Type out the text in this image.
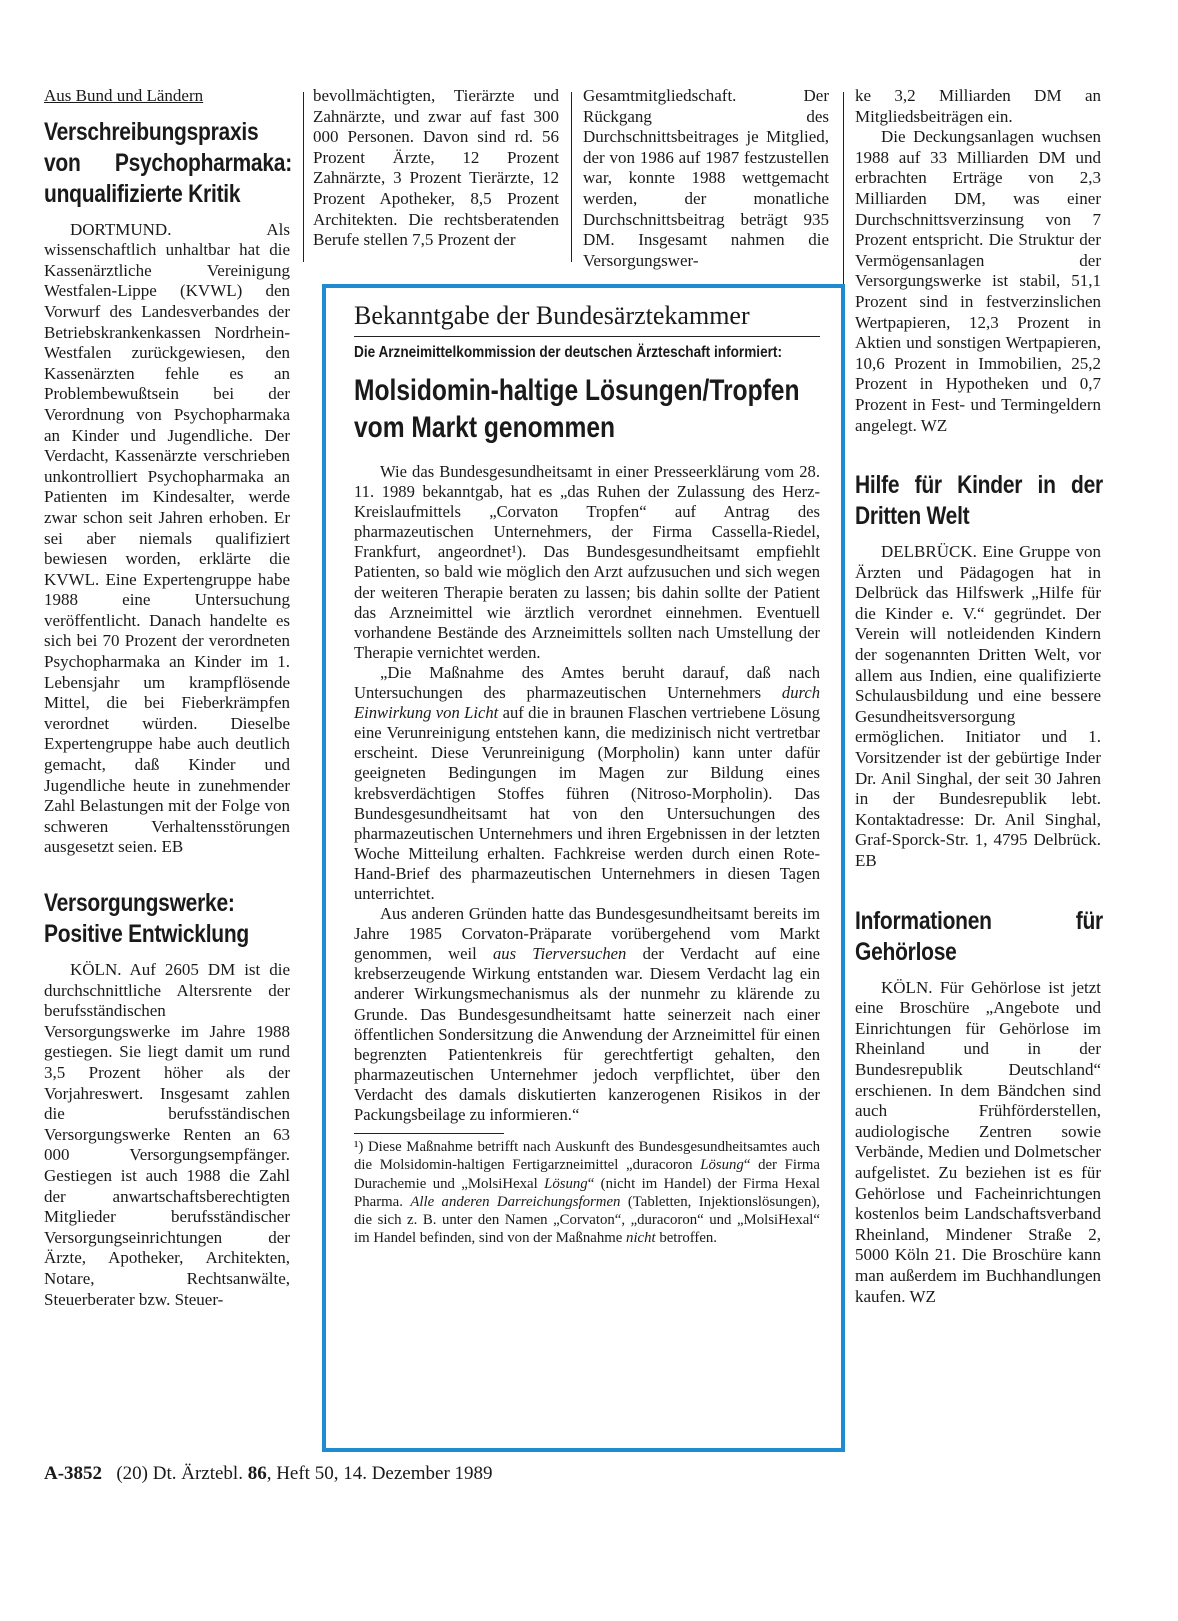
Aus Bund und Ländern
Verschreibungspraxis von Psychopharmaka: unqualifizierte Kritik

DORTMUND. Als wissenschaftlich unhaltbar hat die Kassenärztliche Vereinigung Westfalen-Lippe (KVWL) den Vorwurf des Landesverbandes der Betriebskrankenkassen Nordrhein-Westfalen zurückgewiesen, den Kassenärzten fehle es an Problembewußtsein bei der Verordnung von Psychopharmaka an Kinder und Jugendliche. Der Verdacht, Kassenärzte verschrieben unkontrolliert Psychopharmaka an Patienten im Kindesalter, werde zwar schon seit Jahren erhoben. Er sei aber niemals qualifiziert bewiesen worden, erklärte die KVWL. Eine Expertengruppe habe 1988 eine Untersuchung veröffentlicht. Danach handelte es sich bei 70 Prozent der verordneten Psychopharmaka an Kinder im 1. Lebensjahr um krampflösende Mittel, die bei Fieberkrämpfen verordnet würden. Dieselbe Expertengruppe habe auch deutlich gemacht, daß Kinder und Jugendliche heute in zunehmender Zahl Belastungen mit der Folge von schweren Verhaltensstörungen ausgesetzt seien. EB

Versorgungswerke: Positive Entwicklung

KÖLN. Auf 2605 DM ist die durchschnittliche Altersrente der berufsständischen Versorgungswerke im Jahre 1988 gestiegen. Sie liegt damit um rund 3,5 Prozent höher als der Vorjahreswert. Insgesamt zahlen die berufsständischen Versorgungswerke Renten an 63 000 Versorgungsempfänger. Gestiegen ist auch 1988 die Zahl der anwartschaftsberechtigten Mitglieder berufsständischer Versorgungseinrichtungen der Ärzte, Apotheker, Architekten, Notare, Rechtsanwälte, Steuerberater bzw. Steuer-

bevollmächtigten, Tierärzte und Zahnärzte, und zwar auf fast 300 000 Personen. Davon sind rd. 56 Prozent Ärzte, 12 Prozent Zahnärzte, 3 Prozent Tierärzte, 12 Prozent Apotheker, 8,5 Prozent Architekten. Die rechtsberatenden Berufe stellen 7,5 Prozent der

Gesamtmitgliedschaft. Der Rückgang des Durchschnittsbeitrages je Mitglied, der von 1986 auf 1987 festzustellen war, konnte 1988 wettgemacht werden, der monatliche Durchschnittsbeitrag beträgt 935 DM. Insgesamt nahmen die Versorgungswer-

Bekanntgabe der Bundesärztekammer
Die Arzneimittelkommission der deutschen Ärzteschaft informiert:
Molsidomin-haltige Lösungen/Tropfen vom Markt genommen

Wie das Bundesgesundheitsamt in einer Presseerklärung vom 28. 11. 1989 bekanntgab, hat es „das Ruhen der Zulassung des Herz-Kreislaufmittels „Corvaton Tropfen“ auf Antrag des pharmazeutischen Unternehmers, der Firma Cassella-Riedel, Frankfurt, angeordnet¹). Das Bundesgesundheitsamt empfiehlt Patienten, so bald wie möglich den Arzt aufzusuchen und sich wegen der weiteren Therapie beraten zu lassen; bis dahin sollte der Patient das Arzneimittel wie ärztlich verordnet einnehmen. Eventuell vorhandene Bestände des Arzneimittels sollten nach Umstellung der Therapie vernichtet werden.

„Die Maßnahme des Amtes beruht darauf, daß nach Untersuchungen des pharmazeutischen Unternehmers durch Einwirkung von Licht auf die in braunen Flaschen vertriebene Lösung eine Verunreinigung entstehen kann, die medizinisch nicht vertretbar erscheint. Diese Verunreinigung (Morpholin) kann unter dafür geeigneten Bedingungen im Magen zur Bildung eines krebsverdächtigen Stoffes führen (Nitroso-Morpholin). Das Bundesgesundheitsamt hat von den Untersuchungen des pharmazeutischen Unternehmers und ihren Ergebnissen in der letzten Woche Mitteilung erhalten. Fachkreise werden durch einen Rote-Hand-Brief des pharmazeutischen Unternehmers in diesen Tagen unterrichtet.

Aus anderen Gründen hatte das Bundesgesundheitsamt bereits im Jahre 1985 Corvaton-Präparate vorübergehend vom Markt genommen, weil aus Tierversuchen der Verdacht auf eine krebserzeugende Wirkung entstanden war. Diesem Verdacht lag ein anderer Wirkungsmechanismus als der nunmehr zu klärende zu Grunde. Das Bundesgesundheitsamt hatte seinerzeit nach einer öffentlichen Sondersitzung die Anwendung der Arzneimittel für einen begrenzten Patientenkreis für gerechtfertigt gehalten, den pharmazeutischen Unternehmer jedoch verpflichtet, über den Verdacht des damals diskutierten kanzerogenen Risikos in der Packungsbeilage zu informieren.“

¹) Diese Maßnahme betrifft nach Auskunft des Bundesgesundheitsamtes auch die Molsidomin-haltigen Fertigarzneimittel „duracoron Lösung“ der Firma Durachemie und „MolsiHexal Lösung“ (nicht im Handel) der Firma Hexal Pharma. Alle anderen Darreichungsformen (Tabletten, Injektionslösungen), die sich z. B. unter den Namen „Corvaton“, „duracoron“ und „MolsiHexal“ im Handel befinden, sind von der Maßnahme nicht betroffen.

ke 3,2 Milliarden DM an Mitgliedsbeiträgen ein.

Die Deckungsanlagen wuchsen 1988 auf 33 Milliarden DM und erbrachten Erträge von 2,3 Milliarden DM, was einer Durchschnittsverzinsung von 7 Prozent entspricht. Die Struktur der Vermögensanlagen der Versorgungswerke ist stabil, 51,1 Prozent sind in festverzinslichen Wertpapieren, 12,3 Prozent in Aktien und sonstigen Wertpapieren, 10,6 Prozent in Immobilien, 25,2 Prozent in Hypotheken und 0,7 Prozent in Fest- und Termingeldern angelegt. WZ

Hilfe für Kinder in der Dritten Welt

DELBRÜCK. Eine Gruppe von Ärzten und Pädagogen hat in Delbrück das Hilfswerk „Hilfe für die Kinder e. V.“ gegründet. Der Verein will notleidenden Kindern der sogenannten Dritten Welt, vor allem aus Indien, eine qualifizierte Schulausbildung und eine bessere Gesundheitsversorgung ermöglichen. Initiator und 1. Vorsitzender ist der gebürtige Inder Dr. Anil Singhal, der seit 30 Jahren in der Bundesrepublik lebt. Kontaktadresse: Dr. Anil Singhal, Graf-Sporck-Str. 1, 4795 Delbrück. EB

Informationen für Gehörlose

KÖLN. Für Gehörlose ist jetzt eine Broschüre „Angebote und Einrichtungen für Gehörlose im Rheinland und in der Bundesrepublik Deutschland“ erschienen. In dem Bändchen sind auch Frühförderstellen, audiologische Zentren sowie Verbände, Medien und Dolmetscher aufgelistet. Zu beziehen ist es für Gehörlose und Facheinrichtungen kostenlos beim Landschaftsverband Rheinland, Mindener Straße 2, 5000 Köln 21. Die Broschüre kann man außerdem im Buchhandlungen kaufen. WZ

A-3852 (20) Dt. Ärztebl. 86, Heft 50, 14. Dezember 1989
